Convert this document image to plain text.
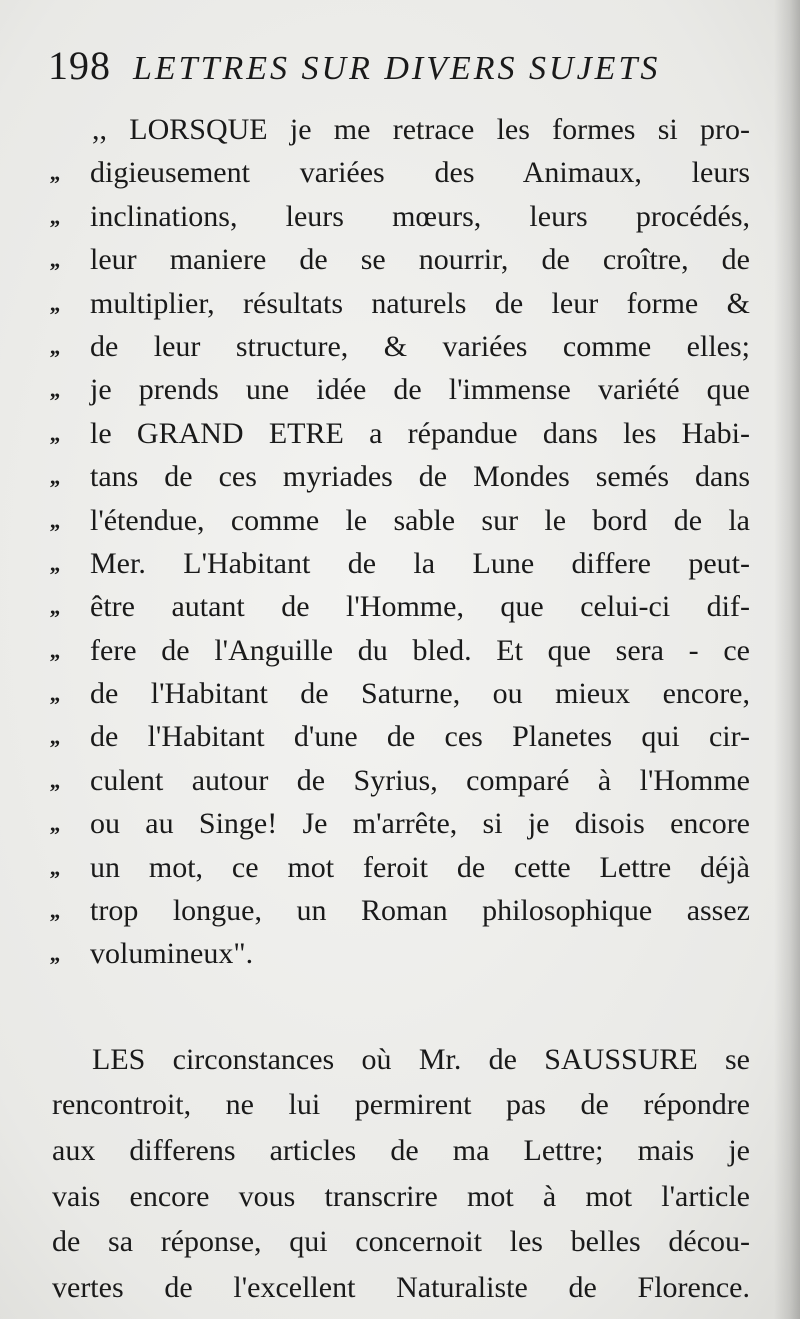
198 LETTRES SUR DIVERS SUJETS
,, LORSQUE je me retrace les formes si pro-
,, digieusement variées des Animaux, leurs
,, inclinations, leurs mœurs, leurs procédés,
,, leur maniere de se nourrir, de croître, de
,, multiplier, résultats naturels de leur forme &
,, de leur structure, & variées comme elles;
,, je prends une idée de l'immense variété que
,, le GRAND ETRE a répandue dans les Habi-
,, tans de ces myriades de Mondes semés dans
,, l'étendue, comme le sable sur le bord de la
,, Mer. L'Habitant de la Lune differe peut-
,, être autant de l'Homme, que celui-ci dif-
,, fere de l'Anguille du bled. Et que sera - ce
,, de l'Habitant de Saturne, ou mieux encore,
,, de l'Habitant d'une de ces Planetes qui cir-
,, culent autour de Syrius, comparé à l'Homme
,, ou au Singe! Je m'arrête, si je disois encore
,, un mot, ce mot feroit de cette Lettre déjà
,, trop longue, un Roman philosophique assez
,, volumineux".
LES circonstances où Mr. de SAUSSURE se
rencontroit, ne lui permirent pas de répondre
aux differens articles de ma Lettre; mais je
vais encore vous transcrire mot à mot l'article
de sa réponse, qui concernoit les belles décou-
vertes de l'excellent Naturaliste de Florence.
